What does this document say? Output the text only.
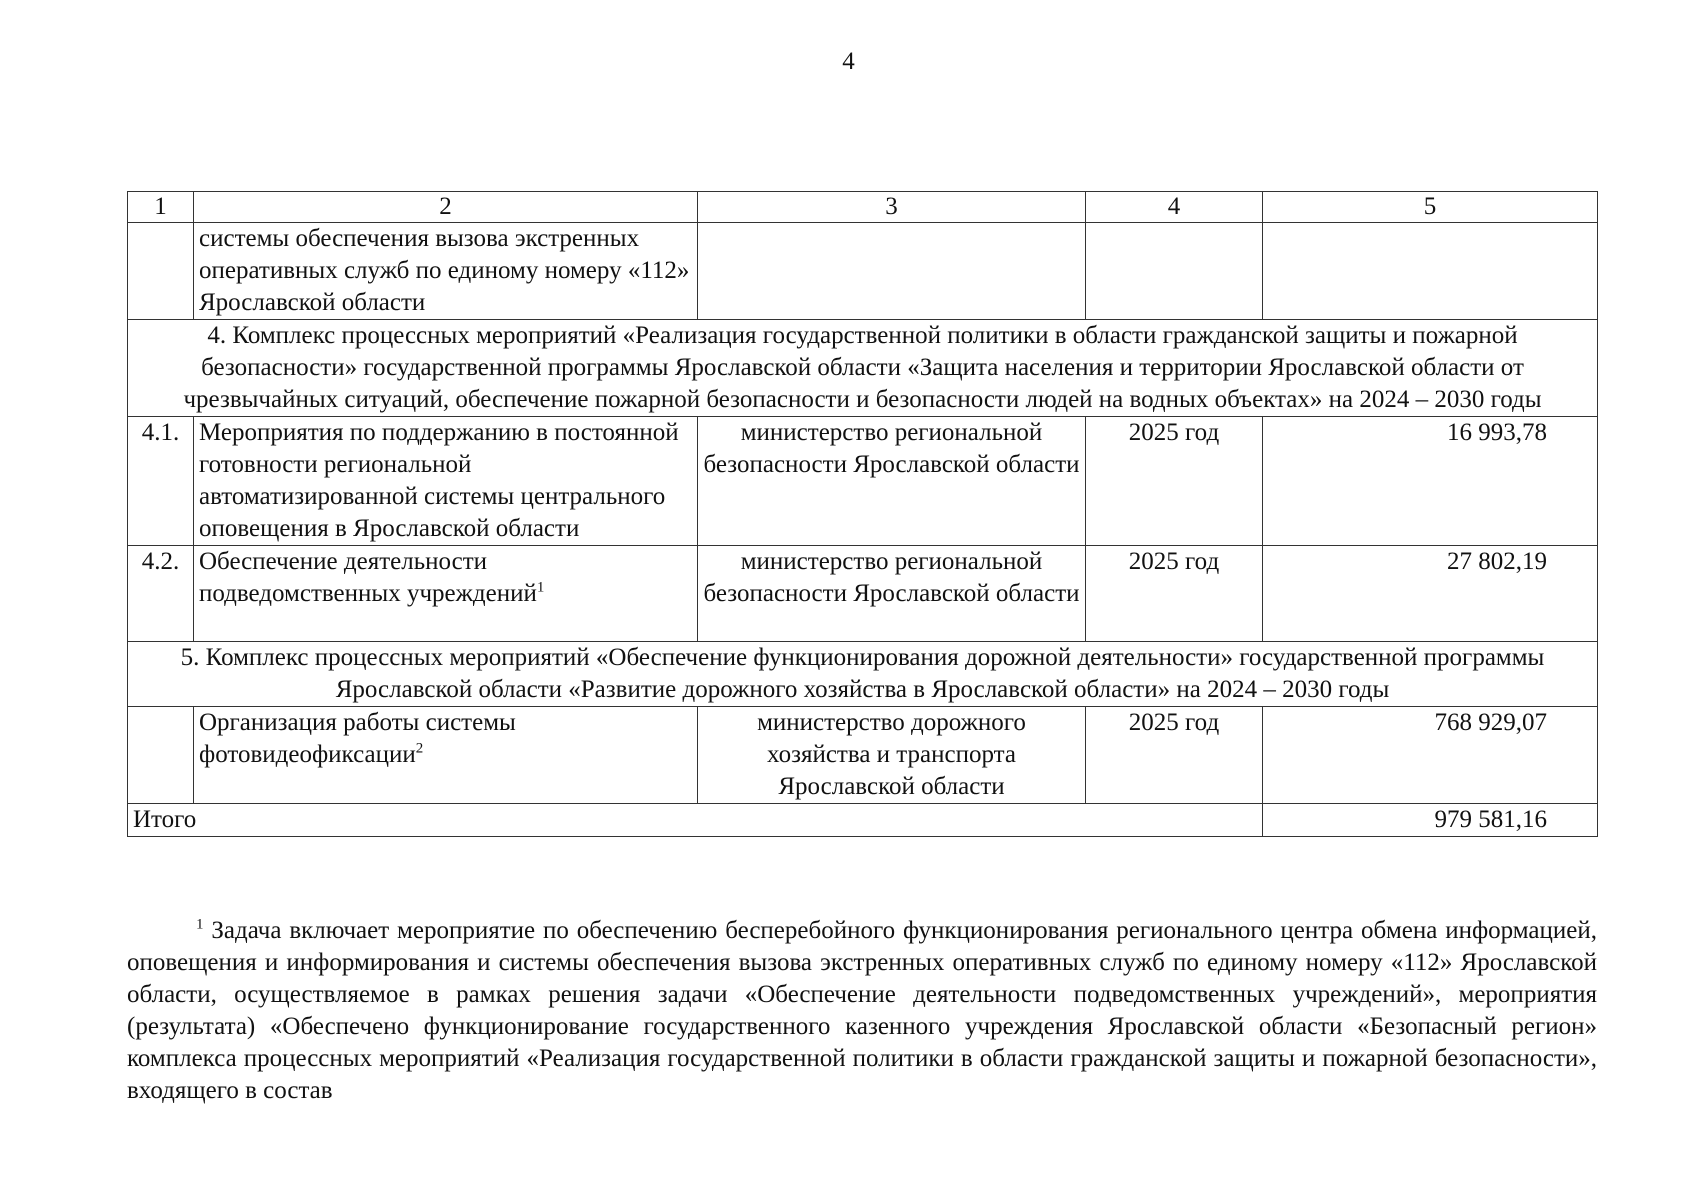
4
1	2	3	4	5
	системы обеспечения вызова экстренных оперативных служб по единому номеру «112» Ярославской области			
4. Комплекс процессных мероприятий «Реализация государственной политики в области гражданской защиты и пожарной безопасности» государственной программы Ярославской области «Защита населения и территории Ярославской области от чрезвычайных ситуаций, обеспечение пожарной безопасности и безопасности людей на водных объектах» на 2024 – 2030 годы				
4.1.	Мероприятия по поддержанию в постоянной готовности региональной автоматизированной системы центрального оповещения в Ярославской области	министерство региональной безопасности Ярославской области	2025 год	16 993,78
4.2.	Обеспечение деятельности подведомственных учреждений$^1$	министерство региональной безопасности Ярославской области	2025 год	27 802,19
5. Комплекс процессных мероприятий «Обеспечение функционирования дорожной деятельности» государственной программы Ярославской области «Развитие дорожного хозяйства в Ярославской области» на 2024 – 2030 годы				
	Организация работы системы фотовидеофиксации$^2$	министерство дорожного хозяйства и транспорта Ярославской области	2025 год	768 929,07
Итого				979 581,16

$^1$ Задача включает мероприятие по обеспечению бесперебойного функционирования регионального центра обмена информацией, оповещения и информирования и системы обеспечения вызова экстренных оперативных служб по единому номеру «112» Ярославской области, осуществляемое в рамках решения задачи «Обеспечение деятельности подведомственных учреждений», мероприятия (результата) «Обеспечено функционирование государственного казенного учреждения Ярославской области «Безопасный регион» комплекса процессных мероприятий «Реализация государственной политики в области гражданской защиты и пожарной безопасности», входящего в состав
